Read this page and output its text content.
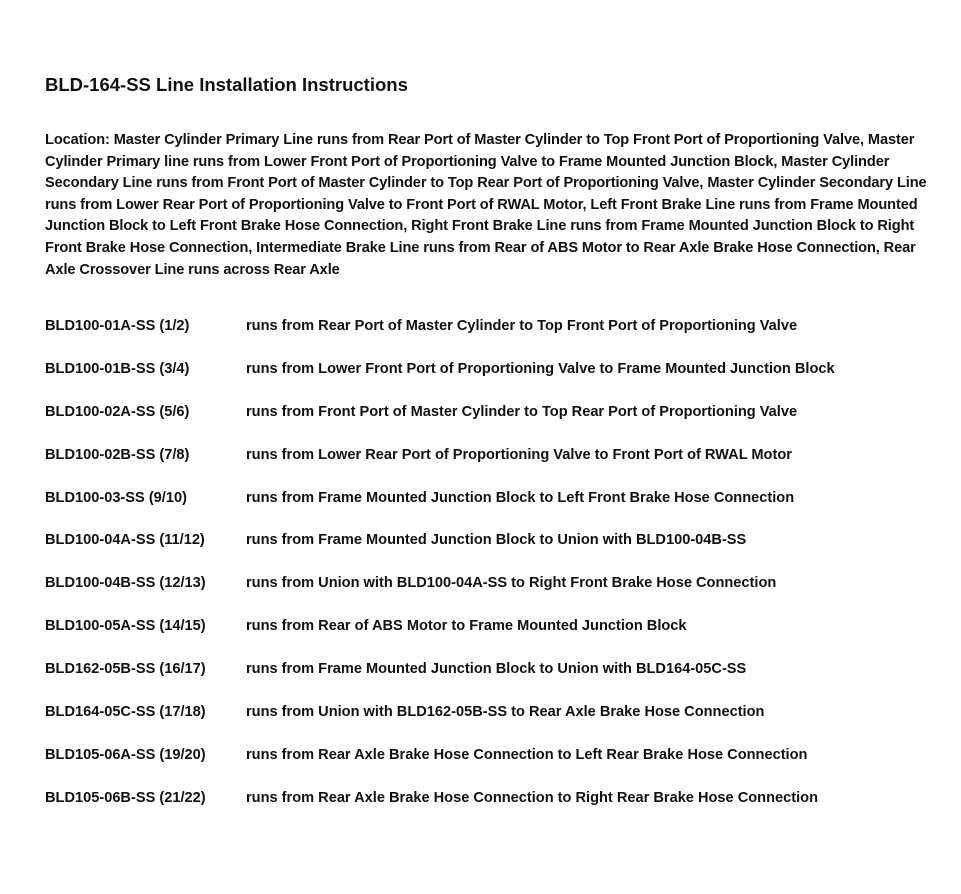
BLD-164-SS Line Installation Instructions
Location: Master Cylinder Primary Line runs from Rear Port of Master Cylinder to Top Front Port of Proportioning Valve, Master Cylinder Primary line runs from Lower Front Port of Proportioning Valve to Frame Mounted Junction Block, Master Cylinder Secondary Line runs from Front Port of Master Cylinder to Top Rear Port of Proportioning Valve, Master Cylinder Secondary Line runs from Lower Rear Port of Proportioning Valve to Front Port of RWAL Motor, Left Front Brake Line runs from Frame Mounted Junction Block to Left Front Brake Hose Connection, Right Front Brake Line runs from Frame Mounted Junction Block to Right Front Brake Hose Connection, Intermediate Brake Line runs from Rear of ABS Motor to Rear Axle Brake Hose Connection, Rear Axle Crossover Line runs across Rear Axle
BLD100-01A-SS (1/2)	runs from Rear Port of Master Cylinder to Top Front Port of Proportioning Valve
BLD100-01B-SS (3/4)	runs from Lower Front Port of Proportioning Valve to Frame Mounted Junction Block
BLD100-02A-SS (5/6)	runs from Front Port of Master Cylinder to Top Rear Port of Proportioning Valve
BLD100-02B-SS (7/8)	runs from Lower Rear Port of Proportioning Valve to Front Port of RWAL Motor
BLD100-03-SS (9/10)	runs from Frame Mounted Junction Block to Left Front Brake Hose Connection
BLD100-04A-SS (11/12)	runs from Frame Mounted Junction Block to Union with BLD100-04B-SS
BLD100-04B-SS (12/13)	runs from Union with BLD100-04A-SS to Right Front Brake Hose Connection
BLD100-05A-SS (14/15)	runs from Rear of ABS Motor to Frame Mounted Junction Block
BLD162-05B-SS (16/17)	runs from Frame Mounted Junction Block to Union with BLD164-05C-SS
BLD164-05C-SS (17/18)	runs from Union with BLD162-05B-SS to Rear Axle Brake Hose Connection
BLD105-06A-SS (19/20)	runs from Rear Axle Brake Hose Connection to Left Rear Brake Hose Connection
BLD105-06B-SS (21/22)	runs from Rear Axle Brake Hose Connection to Right Rear Brake Hose Connection
